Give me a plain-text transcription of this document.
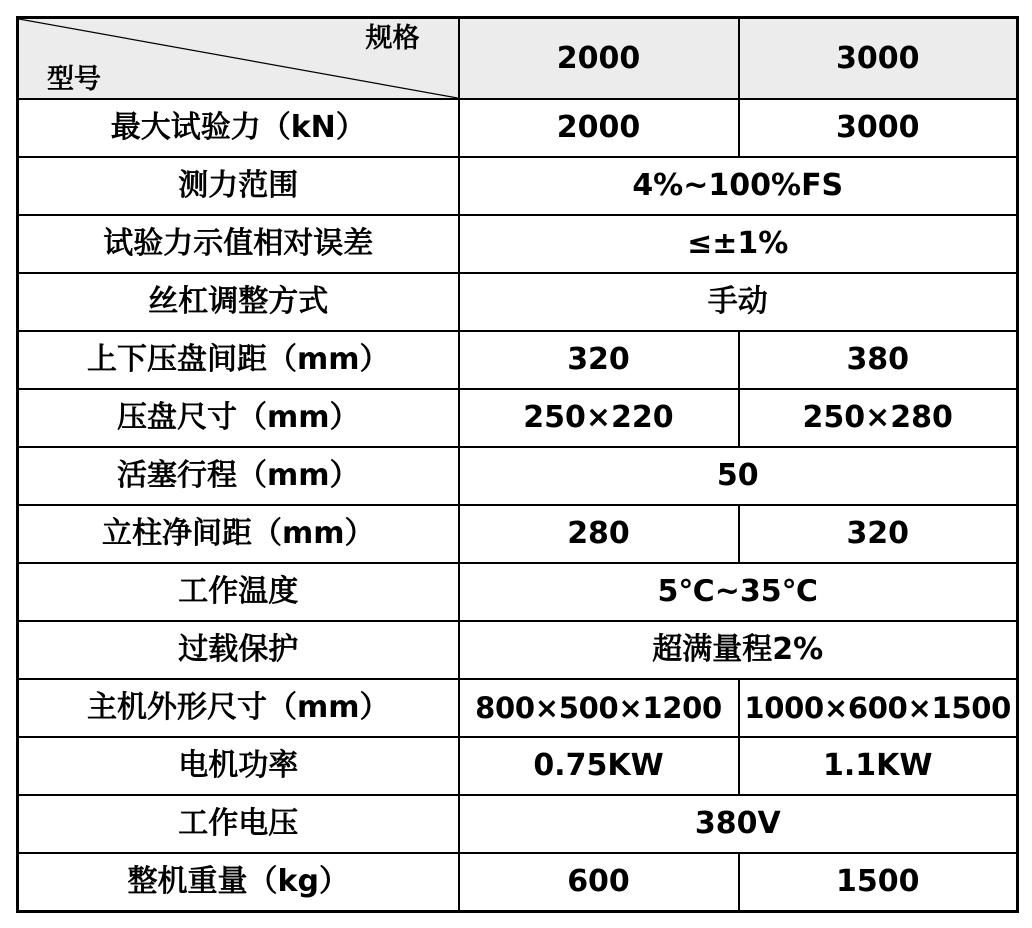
规格
型号	2000	3000
最大试验力（kN）	2000	3000
测力范围	4%~100%FS	
试验力示值相对误差	≤±1%	
丝杠调整方式	手动	
上下压盘间距（mm）	320	380
压盘尺寸（mm）	250×220	250×280
活塞行程（mm）	50	
立柱净间距（mm）	280	320
工作温度	5℃~35℃	
过载保护	超满量程2%	
主机外形尺寸（mm）	800×500×1200	1000×600×1500
电机功率	0.75KW	1.1KW
工作电压	380V	
整机重量（kg）	600	1500
